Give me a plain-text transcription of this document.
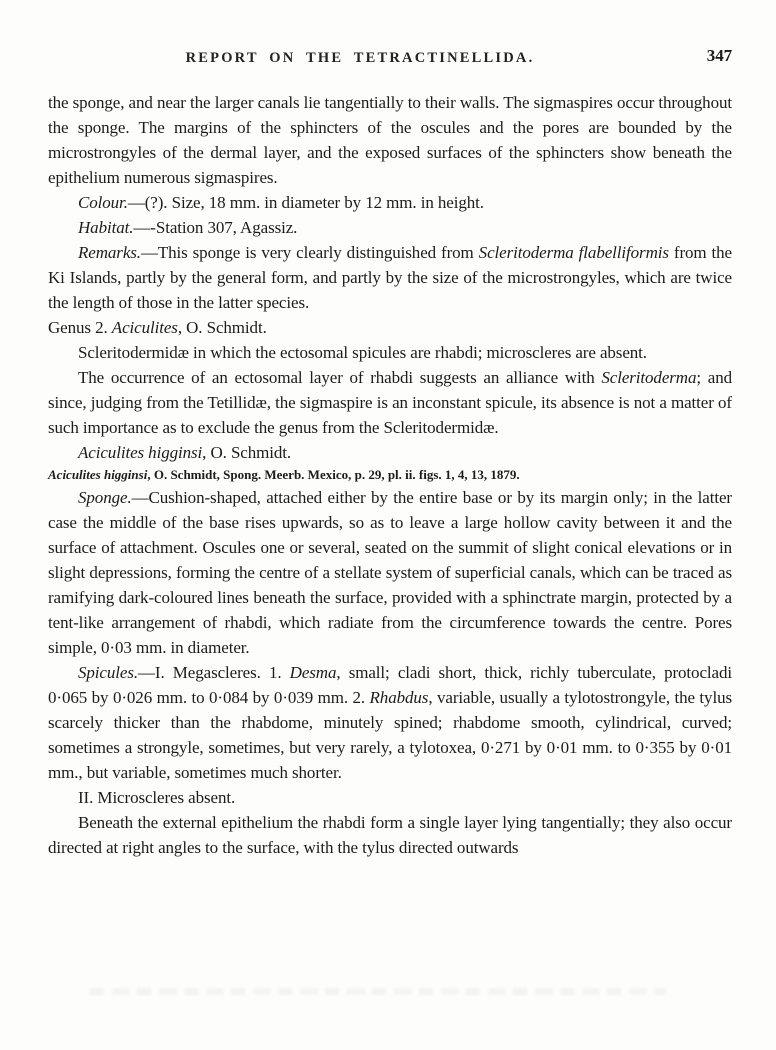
REPORT ON THE TETRACTINELLIDA.	347

the sponge, and near the larger canals lie tangentially to their walls. The sigmaspires occur throughout the sponge. The margins of the sphincters of the oscules and the pores are bounded by the microstrongyles of the dermal layer, and the exposed surfaces of the sphincters show beneath the epithelium numerous sigmaspires.

Colour.—(?). Size, 18 mm. in diameter by 12 mm. in height.

Habitat.—-Station 307, Agassiz.

Remarks.—This sponge is very clearly distinguished from Scleritoderma flabelliformis from the Ki Islands, partly by the general form, and partly by the size of the microstrongyles, which are twice the length of those in the latter species.

Genus 2. Aciculites, O. Schmidt.

Scleritodermidæ in which the ectosomal spicules are rhabdi; microscleres are absent.

The occurrence of an ectosomal layer of rhabdi suggests an alliance with Scleritoderma; and since, judging from the Tetillidæ, the sigmaspire is an inconstant spicule, its absence is not a matter of such importance as to exclude the genus from the Scleritodermidæ.

Aciculites higginsi, O. Schmidt.

Aciculites higginsi, O. Schmidt, Spong. Meerb. Mexico, p. 29, pl. ii. figs. 1, 4, 13, 1879.

Sponge.—Cushion-shaped, attached either by the entire base or by its margin only; in the latter case the middle of the base rises upwards, so as to leave a large hollow cavity between it and the surface of attachment. Oscules one or several, seated on the summit of slight conical elevations or in slight depressions, forming the centre of a stellate system of superficial canals, which can be traced as ramifying dark-coloured lines beneath the surface, provided with a sphinctrate margin, protected by a tent-like arrangement of rhabdi, which radiate from the circumference towards the centre. Pores simple, 0·03 mm. in diameter.

Spicules.—I. Megascleres. 1. Desma, small; cladi short, thick, richly tuberculate, protocladi 0·065 by 0·026 mm. to 0·084 by 0·039 mm. 2. Rhabdus, variable, usually a tylotostrongyle, the tylus scarcely thicker than the rhabdome, minutely spined; rhabdome smooth, cylindrical, curved; sometimes a strongyle, sometimes, but very rarely, a tylotoxea, 0·271 by 0·01 mm. to 0·355 by 0·01 mm., but variable, sometimes much shorter.

II. Microscleres absent.

Beneath the external epithelium the rhabdi form a single layer lying tangentially; they also occur directed at right angles to the surface, with the tylus directed outwards
